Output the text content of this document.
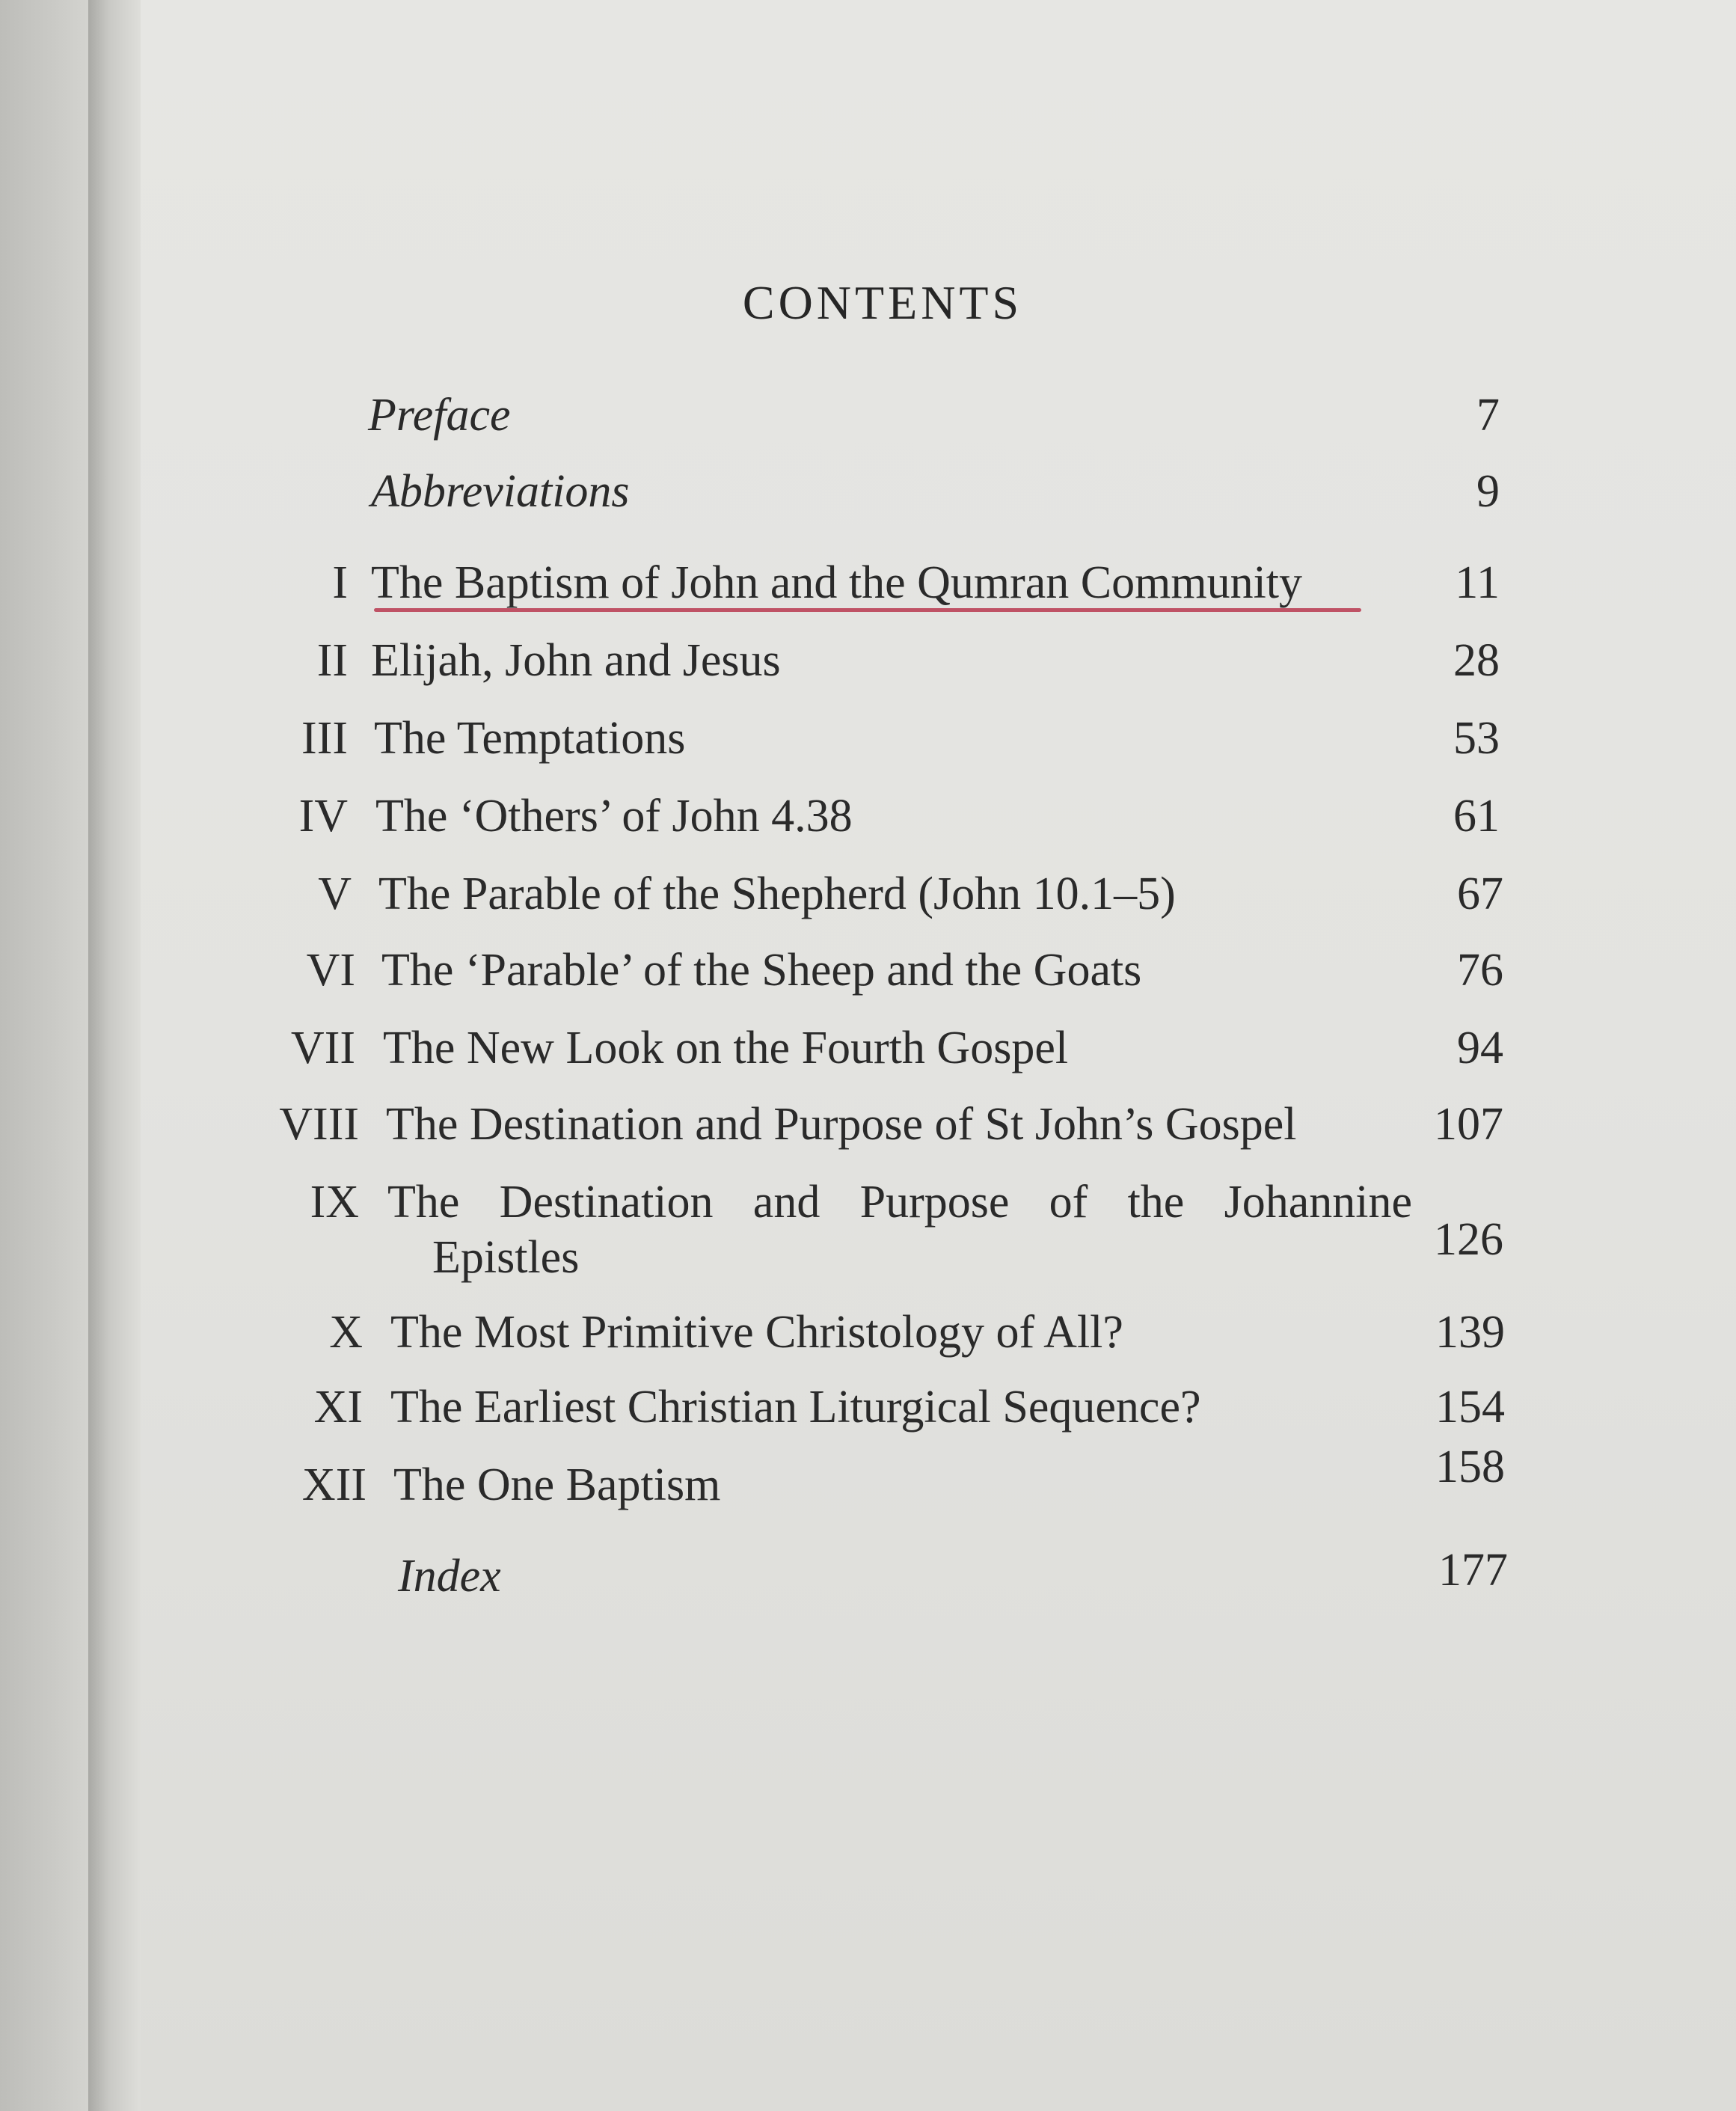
CONTENTS
Preface	7
Abbreviations	9
I The Baptism of John and the Qumran Community	11
II Elijah, John and Jesus	28
III The Temptations	53
IV The ‘Others’ of John 4.38	61
V The Parable of the Shepherd (John 10.1–5)	67
VI The ‘Parable’ of the Sheep and the Goats	76
VII The New Look on the Fourth Gospel	94
VIII The Destination and Purpose of St John’s Gospel	107
IX The Destination and Purpose of the Johannine
Epistles	126
X The Most Primitive Christology of All?	139
XI The Earliest Christian Liturgical Sequence?	154
XII The One Baptism	158
Index	177
